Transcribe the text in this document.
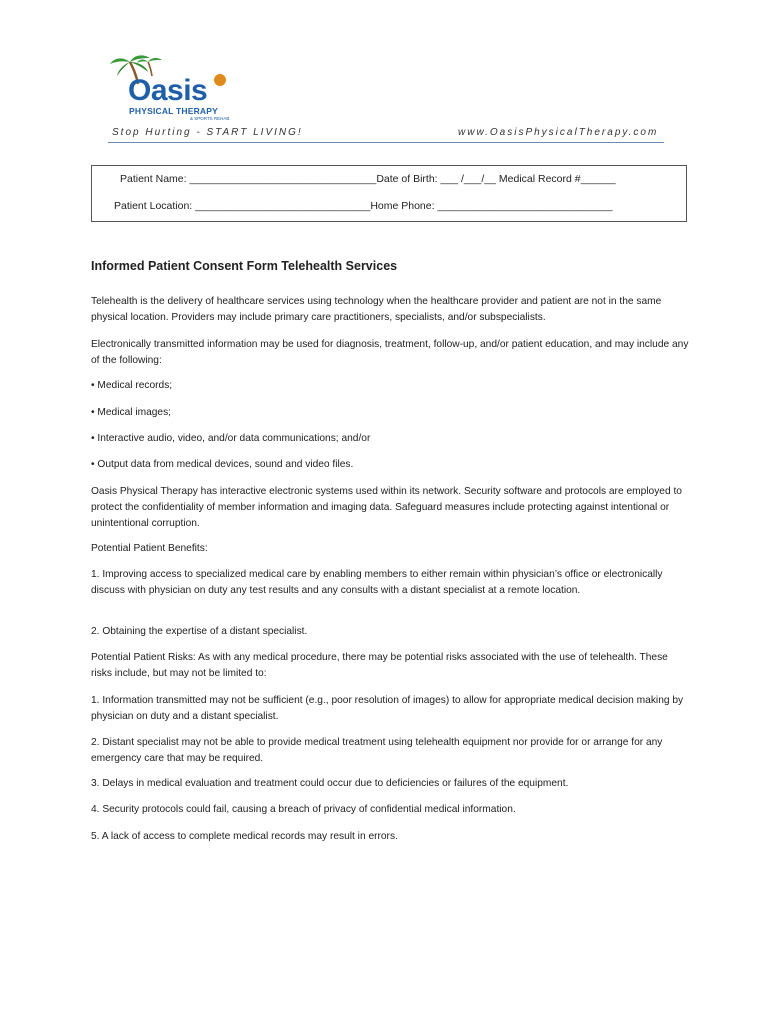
Oasis
PHYSICAL THERAPY
& SPORTS REHAB
Stop Hurting - START LIVING!	www.OasisPhysicalTherapy.com
Patient Name: ________________________________Date of Birth: ___ /___/__ Medical Record #______
Patient Location: ______________________________Home Phone: ______________________________
Informed Patient Consent Form Telehealth Services
Telehealth is the delivery of healthcare services using technology when the healthcare provider and patient are not in the same physical location. Providers may include primary care practitioners, specialists, and/or subspecialists.
Electronically transmitted information may be used for diagnosis, treatment, follow-up, and/or patient education, and may include any of the following:
• Medical records;
• Medical images;
• Interactive audio, video, and/or data communications; and/or
• Output data from medical devices, sound and video files.
Oasis Physical Therapy has interactive electronic systems used within its network. Security software and protocols are employed to protect the confidentiality of member information and imaging data. Safeguard measures include protecting against intentional or unintentional corruption.
Potential Patient Benefits:
1. Improving access to specialized medical care by enabling members to either remain within physician’s office or electronically discuss with physician on duty any test results and any consults with a distant specialist at a remote location.
2. Obtaining the expertise of a distant specialist.
Potential Patient Risks: As with any medical procedure, there may be potential risks associated with the use of telehealth. These risks include, but may not be limited to:
1. Information transmitted may not be sufficient (e.g., poor resolution of images) to allow for appropriate medical decision making by physician on duty and a distant specialist.
2. Distant specialist may not be able to provide medical treatment using telehealth equipment nor provide for or arrange for any emergency care that may be required.
3. Delays in medical evaluation and treatment could occur due to deficiencies or failures of the equipment.
4. Security protocols could fail, causing a breach of privacy of confidential medical information.
5. A lack of access to complete medical records may result in errors.
